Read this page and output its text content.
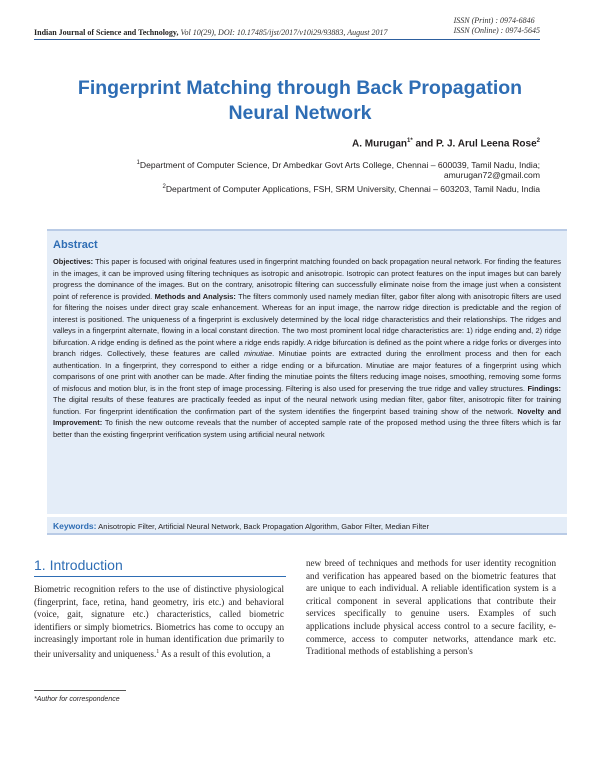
ISSN (Print) : 0974-6846
ISSN (Online) : 0974-5645
Indian Journal of Science and Technology, Vol 10(29), DOI: 10.17485/ijst/2017/v10i29/93883, August 2017
Fingerprint Matching through Back Propagation
Neural Network
A. Murugan$^{1*}$ and P. J. Arul Leena Rose$^2$
$^1$Department of Computer Science, Dr Ambedkar Govt Arts College, Chennai – 600039, Tamil Nadu, India;
amurugan72@gmail.com
$^2$Department of Computer Applications, FSH, SRM University, Chennai – 603203, Tamil Nadu, India
Abstract
Objectives: This paper is focused with original features used in fingerprint matching founded on back propagation neural network. For finding the features in the images, it can be improved using filtering techniques as isotropic and anisotropic. Isotropic can protect features on the input images but can barely progress the dominance of the images. But on the contrary, anisotropic filtering can successfully eliminate noise from the image just when a consistent point of reference is provided. Methods and Analysis: The filters commonly used namely median filter, gabor filter along with anisotropic filters are used for filtering the noises under direct gray scale enhancement. Whereas for an input image, the narrow ridge direction is predictable and the region of interest is positioned. The uniqueness of a fingerprint is exclusively determined by the local ridge characteristics and their relationships. The ridges and valleys in a fingerprint alternate, flowing in a local constant direction. The two most prominent local ridge characteristics are: 1) ridge ending and, 2) ridge bifurcation. A ridge ending is defined as the point where a ridge ends rapidly. A ridge bifurcation is defined as the point where a ridge forks or diverges into branch ridges. Collectively, these features are called minutiae. Minutiae points are extracted during the enrollment process and then for each authentication. In a fingerprint, they correspond to either a ridge ending or a bifurcation. Minutiae are major features of a fingerprint using which comparisons of one print with another can be made. After finding the minutiae points the filters reducing image noises, smoothing, removing some forms of misfocus and motion blur, is in the front step of image processing. Filtering is also used for preserving the true ridge and valley structures. Findings: The digital results of these features are practically feeded as input of the neural network using median filter, gabor filter, anisotropic filter for training function. For fingerprint identification the confirmation part of the system identifies the fingerprint based training show of the network. Novelty and Improvement: To finish the new outcome reveals that the number of accepted sample rate of the proposed method using the three filters which is far better than the existing fingerprint verification system using artificial neural network
Keywords: Anisotropic Filter, Artificial Neural Network, Back Propagation Algorithm, Gabor Filter, Median Filter
1. Introduction
Biometric recognition refers to the use of distinctive physiological (fingerprint, face, retina, hand geometry, iris etc.) and behavioral (voice, gait, signature etc.) characteristics, called biometric identifiers or simply biometrics. Biometrics has come to occupy an increasingly important role in human identification due primarily to their universality and uniqueness.$^1$ As a result of this evolution, a
new breed of techniques and methods for user identity recognition and verification has appeared based on the biometric features that are unique to each individual. A reliable identification system is a critical component in several applications that contribute their services specifically to genuine users. Examples of such applications include physical access control to a secure facility, e-commerce, access to computer networks, attendance mark etc. Traditional methods of establishing a person's
*Author for correspondence
